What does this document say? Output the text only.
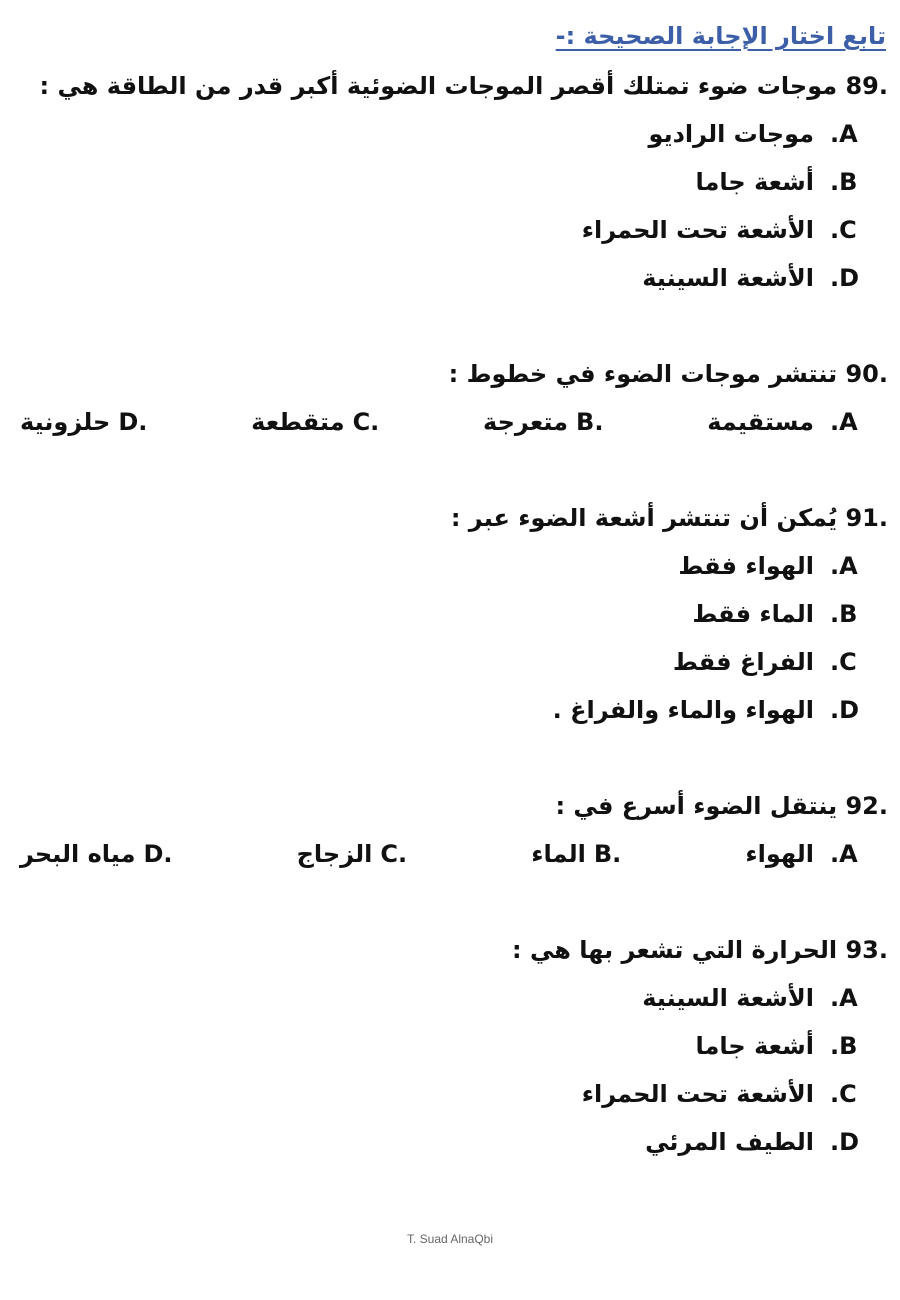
تابع اختار الإجابة الصحيحة :-
89. موجات ضوء تمتلك أقصر الموجات الضوئية أكبر قدر من الطاقة هي :
.Aموجات الراديو
.Bأشعة جاما
.Cالأشعة تحت الحمراء
.Dالأشعة السينية
90. تنتشر موجات الضوء في خطوط :
.A
مستقيمة
B.
متعرجة
C.
متقطعة
D.
حلزونية
91. يُمكن أن تنتشر أشعة الضوء عبر :
.Aالهواء فقط
.Bالماء فقط
.Cالفراغ فقط
.Dالهواء والماء والفراغ .
92. ينتقل الضوء أسرع في :
.A
الهواء
B.
الماء
C.
الزجاج
D.
مياه البحر
93. الحرارة التي تشعر بها هي :
.Aالأشعة السينية
.Bأشعة جاما
.Cالأشعة تحت الحمراء
.Dالطيف المرئي
T. Suad AlnaQbi
